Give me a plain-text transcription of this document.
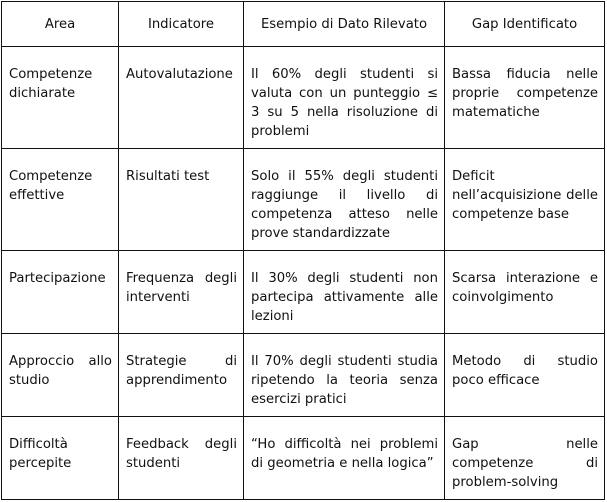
Area	Indicatore	Esempio di Dato Rilevato	Gap Identificato

Competenze dichiarate	Autovalutazione	Il 60% degli studenti si valuta con un punteggio ≤ 3 su 5 nella risoluzione di problemi	Bassa fiducia nelle proprie competenze matematiche

Competenze effettive	Risultati test	Solo il 55% degli studenti raggiunge il livello di competenza atteso nelle prove standardizzate	Deficit nell’acquisizione delle competenze base

Partecipazione	Frequenza degli interventi	Il 30% degli studenti non partecipa attivamente alle lezioni	Scarsa interazione e coinvolgimento

Approccio allo studio	Strategie di apprendimento	Il 70% degli studenti studia ripetendo la teoria senza esercizi pratici	Metodo di studio poco efficace

Difficoltà percepite	Feedback degli studenti	“Ho difficoltà nei problemi di geometria e nella logica”	Gap nelle competenze di problem-solving
